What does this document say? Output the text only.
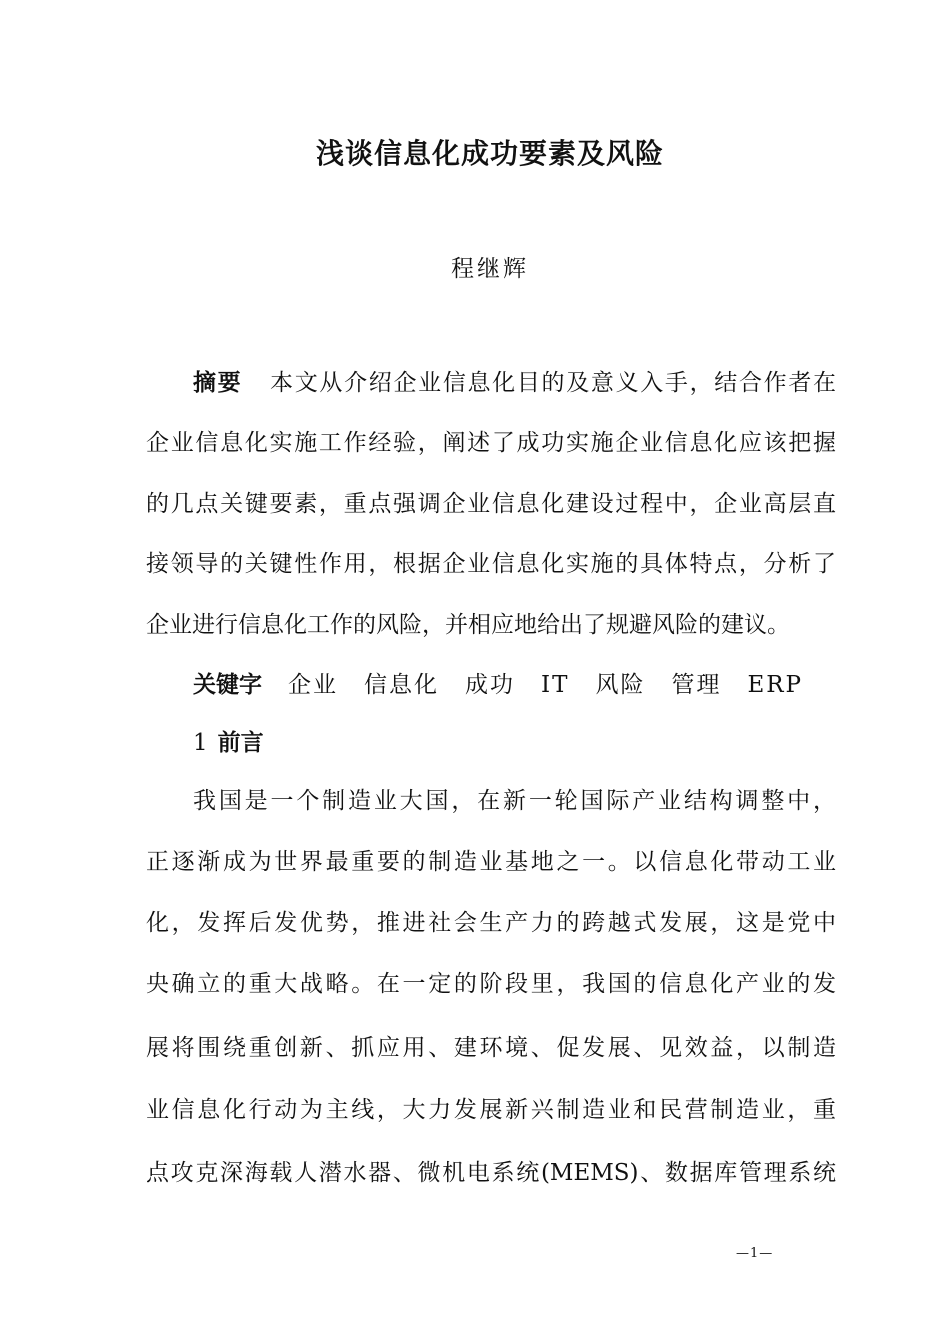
浅谈信息化成功要素及风险

程继辉

摘要 本文从介绍企业信息化目的及意义入手，结合作者在
企业信息化实施工作经验，阐述了成功实施企业信息化应该把握
的几点关键要素，重点强调企业信息化建设过程中，企业高层直
接领导的关键性作用，根据企业信息化实施的具体特点，分析了
企业进行信息化工作的风险，并相应地给出了规避风险的建议。
关键字 企业 信息化 成功 IT 风险 管理 ERP
1 前言
我国是一个制造业大国，在新一轮国际产业结构调整中，
正逐渐成为世界最重要的制造业基地之一。以信息化带动工业
化，发挥后发优势，推进社会生产力的跨越式发展，这是党中
央确立的重大战略。在一定的阶段里，我国的信息化产业的发
展将围绕重创新、抓应用、建环境、促发展、见效益，以制造
业信息化行动为主线，大力发展新兴制造业和民营制造业，重
点攻克深海载人潜水器、微机电系统(MEMS)、数据库管理系统
—1—
